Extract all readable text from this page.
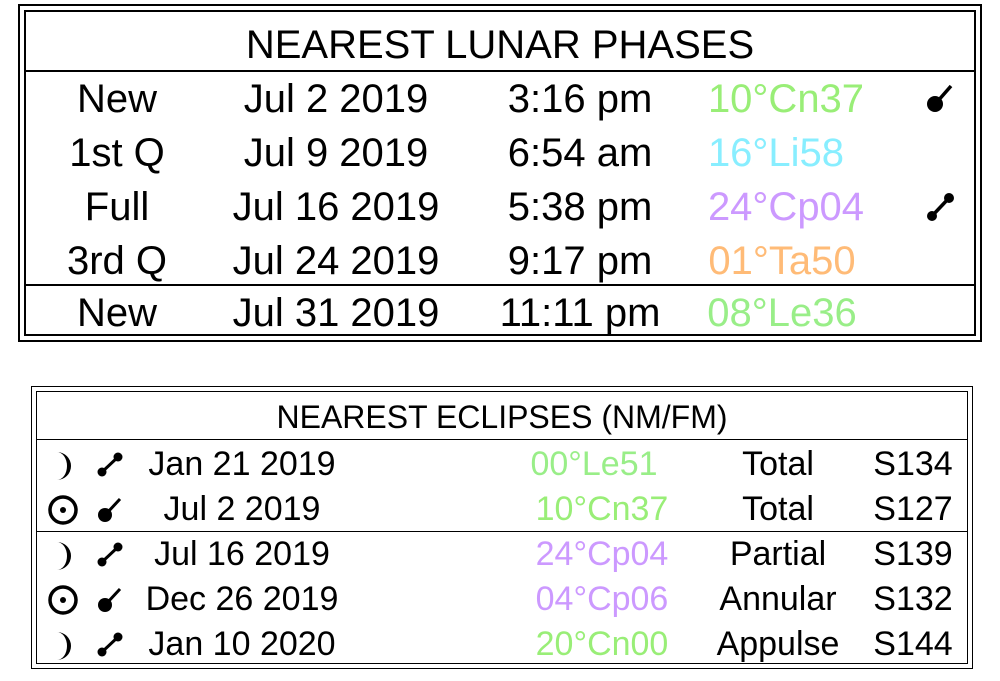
NEAREST LUNAR PHASES
New Jul 2 2019 3:16 pm 10°Cn37
1st Q Jul 9 2019 6:54 am 16°Li58
Full Jul 16 2019 5:38 pm 24°Cp04
3rd Q Jul 24 2019 9:17 pm 01°Ta50
New Jul 31 2019 11:11 pm 08°Le36
NEAREST ECLIPSES (NM/FM)
Jan 21 2019	00°Le51 Total S134
Jul 2 2019	10°Cn37 Total S127
Jul 16 2019	24°Cp04 Partial S139
Dec 26 2019	04°Cp06 Annular S132
Jan 10 2020	20°Cn00 Appulse S144
